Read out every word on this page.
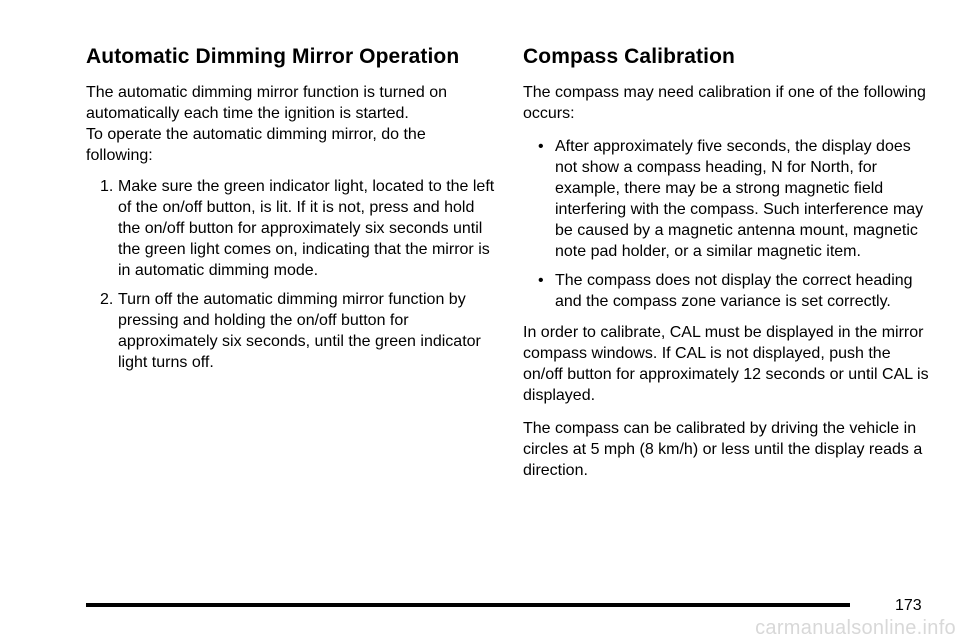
Automatic Dimming Mirror Operation

The automatic dimming mirror function is turned on automatically each time the ignition is started.

To operate the automatic dimming mirror, do the following:

1. Make sure the green indicator light, located to the left of the on/off button, is lit. If it is not, press and hold the on/off button for approximately six seconds until the green light comes on, indicating that the mirror is in automatic dimming mode.
2. Turn off the automatic dimming mirror function by pressing and holding the on/off button for approximately six seconds, until the green indicator light turns off.
Compass Calibration

The compass may need calibration if one of the following occurs:

• After approximately five seconds, the display does not show a compass heading, N for North, for example, there may be a strong magnetic field interfering with the compass. Such interference may be caused by a magnetic antenna mount, magnetic note pad holder, or a similar magnetic item.
• The compass does not display the correct heading and the compass zone variance is set correctly.

In order to calibrate, CAL must be displayed in the mirror compass windows. If CAL is not displayed, push the on/off button for approximately 12 seconds or until CAL is displayed.

The compass can be calibrated by driving the vehicle in circles at 5 mph (8 km/h) or less until the display reads a direction.

173
carmanualsonline.info
